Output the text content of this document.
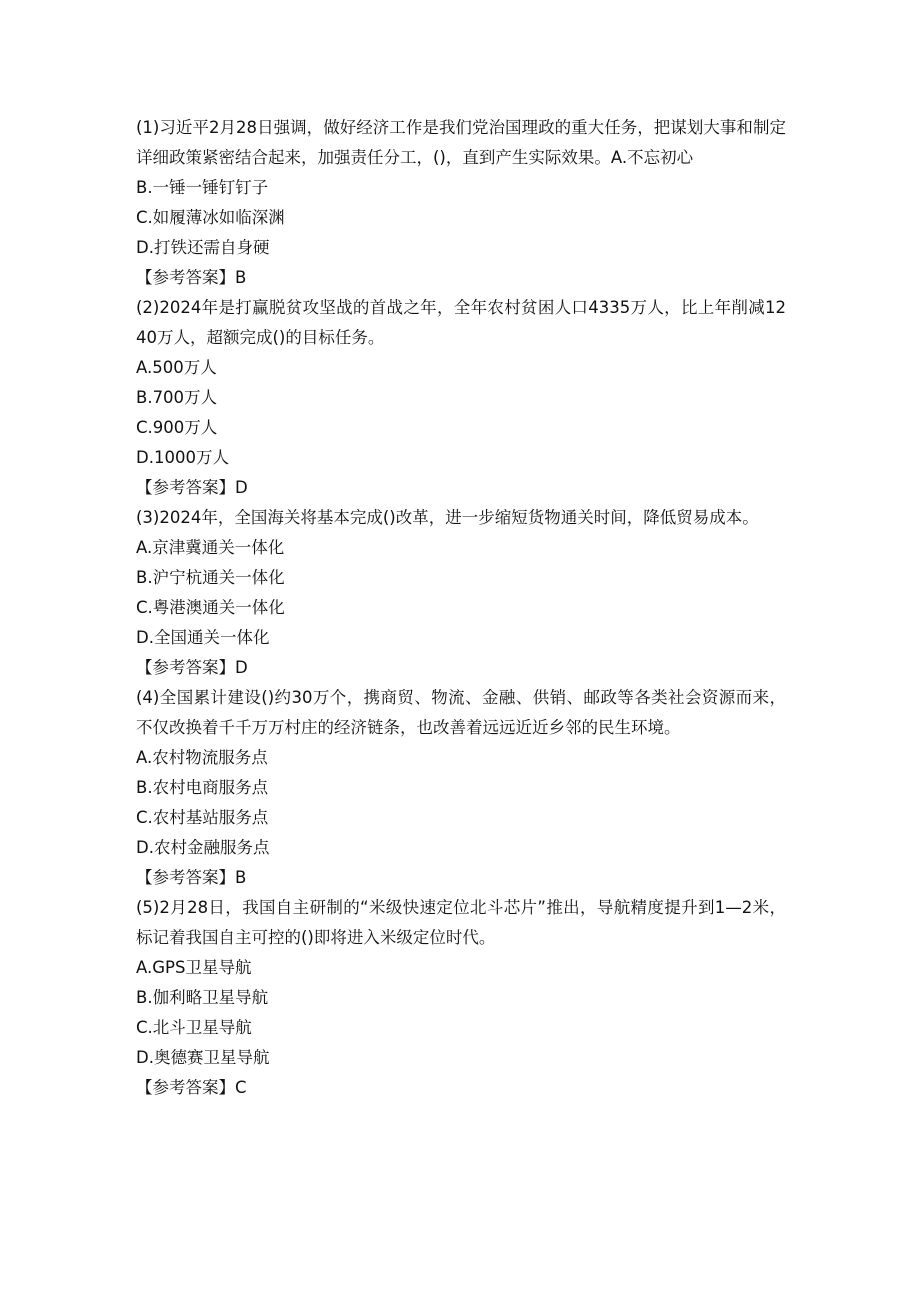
(1)习近平2月28日强调，做好经济工作是我们党治国理政的重大任务，把谋划大事和制定详细政策紧密结合起来，加强责任分工，()，直到产生实际效果。A.不忘初心

B.一锤一锤钉钉子

C.如履薄冰如临深渊

D.打铁还需自身硬

【参考答案】B

(2)2024年是打赢脱贫攻坚战的首战之年，全年农村贫困人口4335万人，比上年削减1240万人，超额完成()的目标任务。

A.500万人

B.700万人

C.900万人

D.1000万人

【参考答案】D

(3)2024年，全国海关将基本完成()改革，进一步缩短货物通关时间，降低贸易成本。

A.京津冀通关一体化

B.沪宁杭通关一体化

C.粤港澳通关一体化

D.全国通关一体化

【参考答案】D

(4)全国累计建设()约30万个，携商贸、物流、金融、供销、邮政等各类社会资源而来，不仅改换着千千万万村庄的经济链条，也改善着远远近近乡邻的民生环境。

A.农村物流服务点

B.农村电商服务点

C.农村基站服务点

D.农村金融服务点

【参考答案】B

(5)2月28日，我国自主研制的“米级快速定位北斗芯片”推出，导航精度提升到1—2米，标记着我国自主可控的()即将进入米级定位时代。

A.GPS卫星导航

B.伽利略卫星导航

C.北斗卫星导航

D.奥德赛卫星导航

【参考答案】C
